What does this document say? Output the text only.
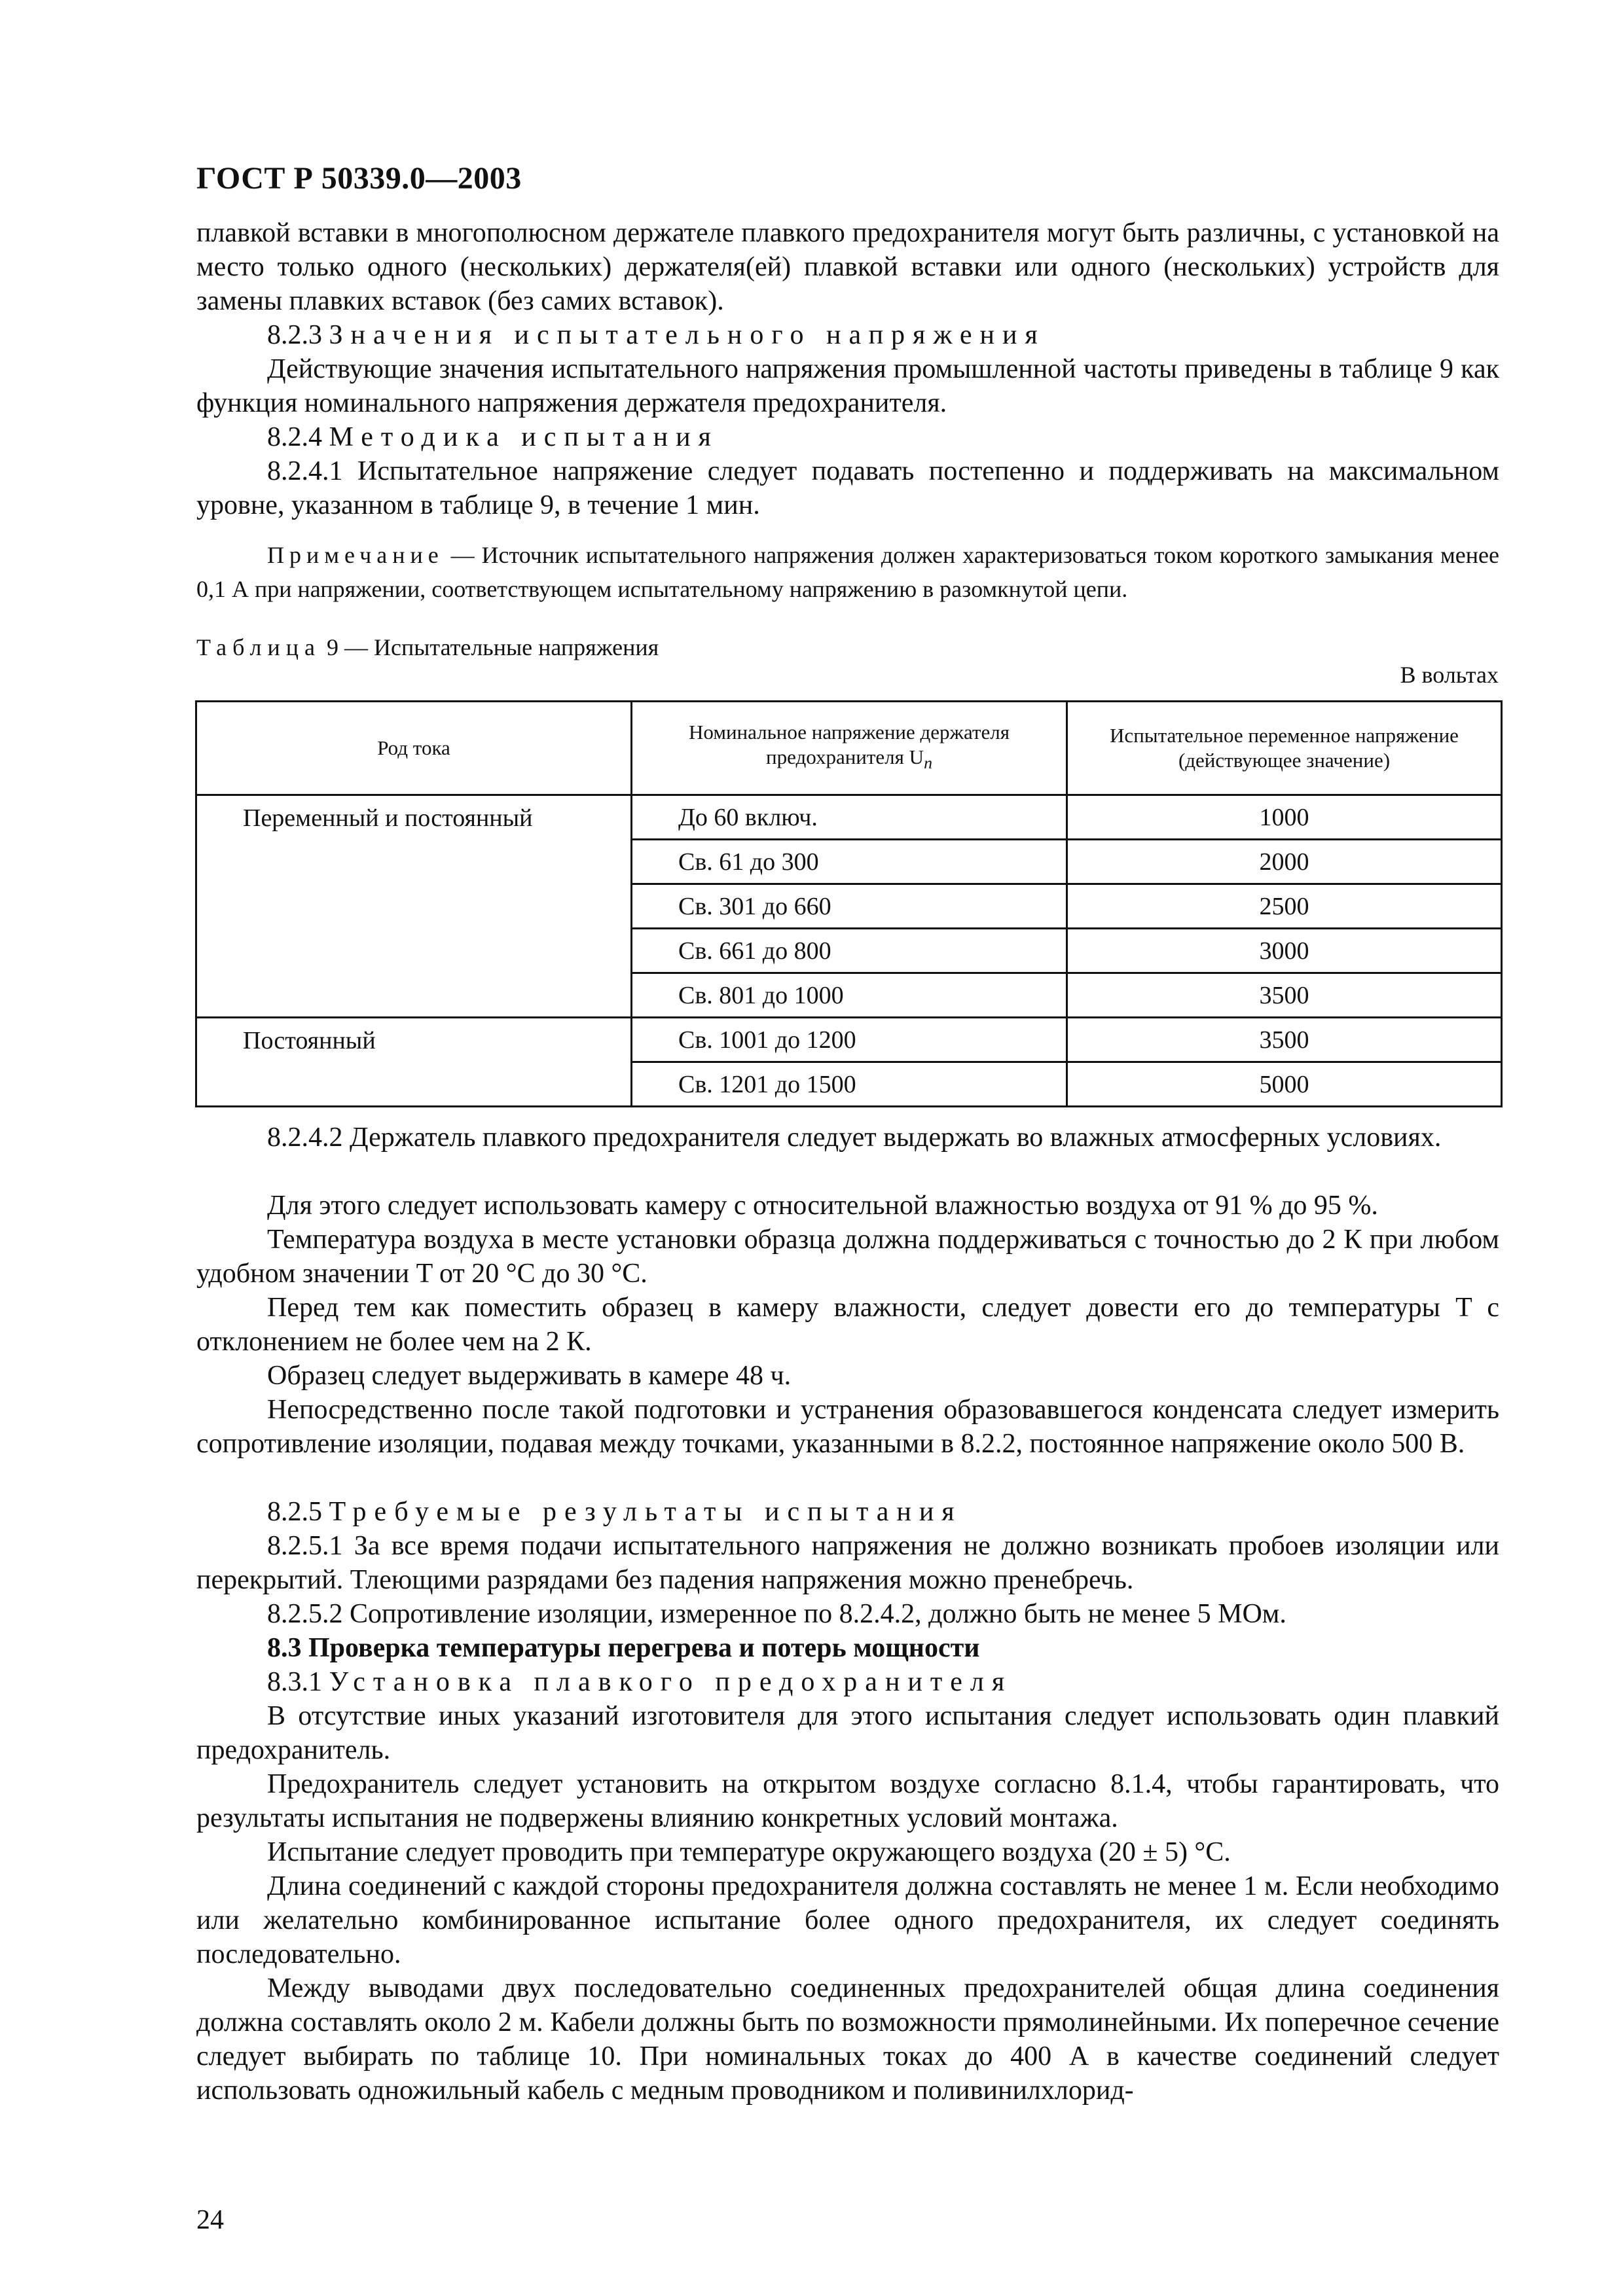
ГОСТ Р 50339.0—2003

плавкой вставки в многополюсном держателе плавкого предохранителя могут быть различны, с установкой на место только одного (нескольких) держателя(ей) плавкой вставки или одного (нескольких) устройств для замены плавких вставок (без самих вставок).

8.2.3 Значения испытательного напряжения

Действующие значения испытательного напряжения промышленной частоты приведены в таблице 9 как функция номинального напряжения держателя предохранителя.

8.2.4 Методика испытания

8.2.4.1 Испытательное напряжение следует подавать постепенно и поддерживать на максимальном уровне, указанном в таблице 9, в течение 1 мин.

Примечание — Источник испытательного напряжения должен характеризоваться током короткого замыкания менее 0,1 А при напряжении, соответствующем испытательному напряжению в разомкнутой цепи.

Таблица 9 — Испытательные напряжения
В вольтах
Род тока	Номинальное напряжение держателя предохранителя $U_n$	Испытательное переменное напряжение (действующее значение)
Переменный и постоянный	До 60 включ.	1000
	Св. 61 до 300	2000
	Св. 301 до 660	2500
	Св. 661 до 800	3000
	Св. 801 до 1000	3500
Постоянный	Св. 1001 до 1200	3500
	Св. 1201 до 1500	5000

8.2.4.2 Держатель плавкого предохранителя следует выдержать во влажных атмосферных условиях.

Для этого следует использовать камеру с относительной влажностью воздуха от 91 % до 95 %.

Температура воздуха в месте установки образца должна поддерживаться с точностью до 2 К при любом удобном значении T от 20 °С до 30 °С.

Перед тем как поместить образец в камеру влажности, следует довести его до температуры T с отклонением не более чем на 2 К.

Образец следует выдерживать в камере 48 ч.

Непосредственно после такой подготовки и устранения образовавшегося конденсата следует измерить сопротивление изоляции, подавая между точками, указанными в 8.2.2, постоянное напряжение около 500 В.

8.2.5 Требуемые результаты испытания

8.2.5.1 За все время подачи испытательного напряжения не должно возникать пробоев изоляции или перекрытий. Тлеющими разрядами без падения напряжения можно пренебречь.

8.2.5.2 Сопротивление изоляции, измеренное по 8.2.4.2, должно быть не менее 5 МОм.

8.3 Проверка температуры перегрева и потерь мощности

8.3.1 Установка плавкого предохранителя

В отсутствие иных указаний изготовителя для этого испытания следует использовать один плавкий предохранитель.

Предохранитель следует установить на открытом воздухе согласно 8.1.4, чтобы гарантировать, что результаты испытания не подвержены влиянию конкретных условий монтажа.

Испытание следует проводить при температуре окружающего воздуха (20 ± 5) °С.

Длина соединений с каждой стороны предохранителя должна составлять не менее 1 м. Если необходимо или желательно комбинированное испытание более одного предохранителя, их следует соединять последовательно.

Между выводами двух последовательно соединенных предохранителей общая длина соединения должна составлять около 2 м. Кабели должны быть по возможности прямолинейными. Их поперечное сечение следует выбирать по таблице 10. При номинальных токах до 400 А в качестве соединений следует использовать одножильный кабель с медным проводником и поливинилхлорид-

24
